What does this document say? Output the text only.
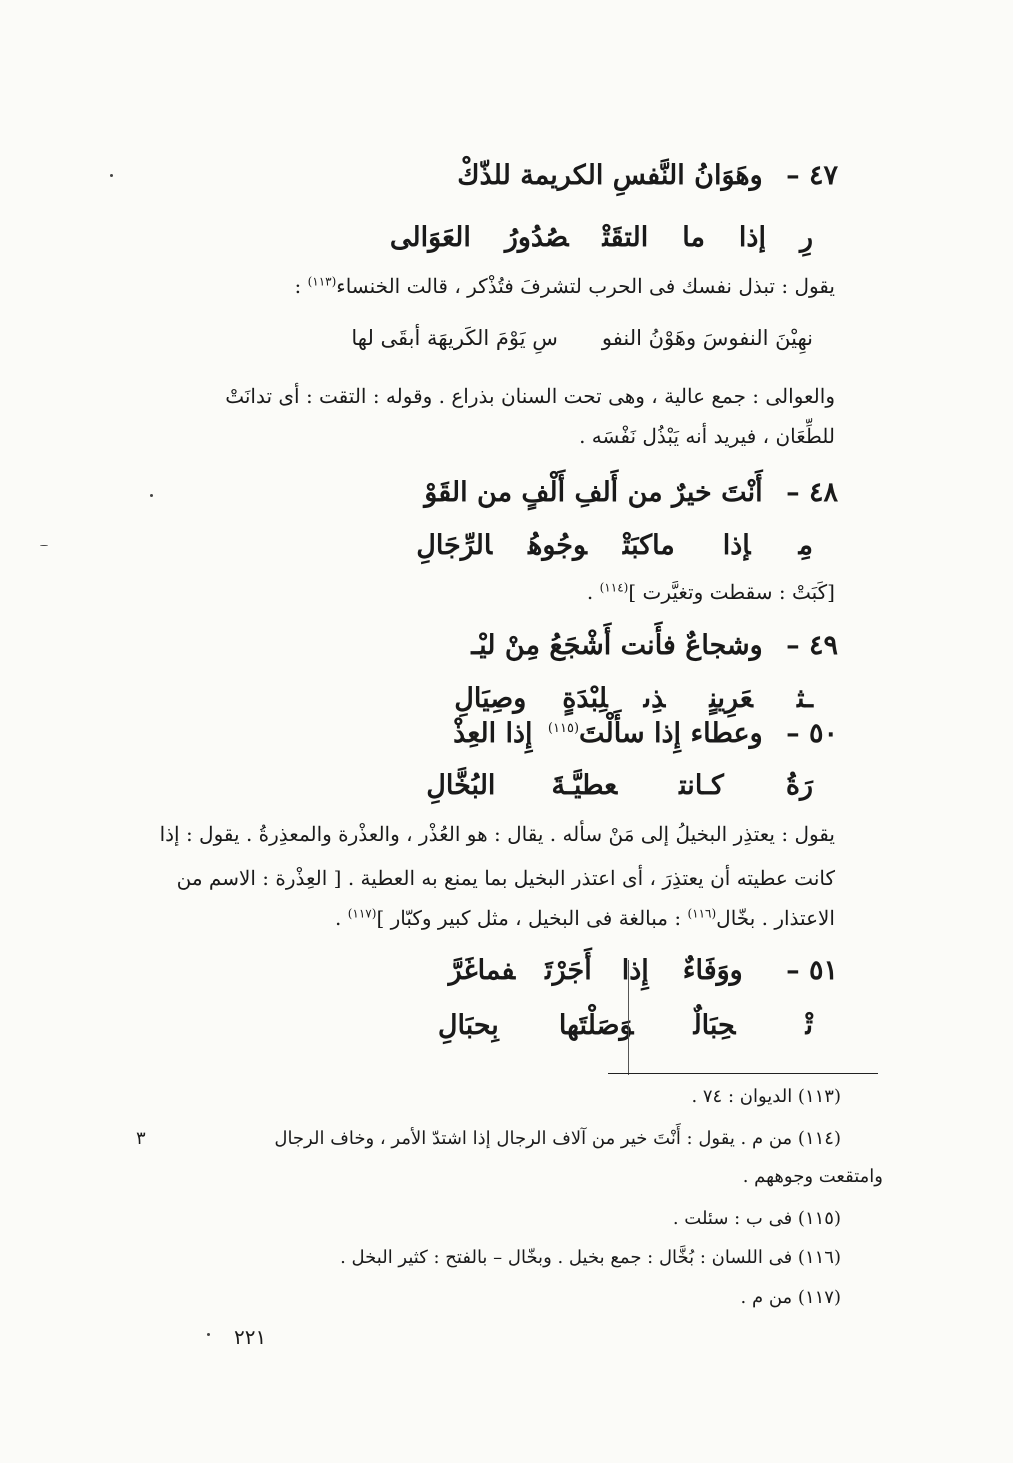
٤٧ – وهَوَانُ النَّفسِ الكريمة للذّكْ
رِإذاماالتقَتْصُدُورُالعَوَالى
يقول : تبذل نفسك فى الحرب لتشرفَ فتُذْكر ، قالت الخنساء$^{(١١٣)}$ :
نهِيْنَ النفوسَ وهَوْنُ النفوسِ يَوْمَ الكَريهَة أبقَى لها
والعوالى : جمع عالية ، وهى تحت السنان بذراع . وقوله : التقت : أى تدانَتْ
للطِّعَان ، فيريد أنه يَبْذُل نَفْسَه .
٤٨ – أَنْتَ خيرٌ من أَلفِ أَلْفٍ من القَوْ
مِإذاماكبَتْوجُوهُالرِّجَالِ
[كَبَتْ : سقطت وتغيَّرت ]$^{(١١٤)}$ .
٤٩ – وشجاعٌ فأَنت أَشْجَعُ مِنْ ليْـ
ـثعَرِينٍذِىلِبْدَةٍوصِيَالِ
٥٠ – وعطاء إِذا سأَلْتَ$^{(١١٥)}$ إِذا العِذْ
رَةُكـانتعطيَّـةَالبُخَّالِ
يقول : يعتذِر البخيلُ إلى مَنْ سأله . يقال : هو العُذْر ، والعذْرة والمعذِرةُ . يقول : إذا
كانت عطيته أن يعتذِرَ ، أى اعتذر البخيل بما يمنع به العطية . [ العِذْرة : الاسم من
الاعتذار . بخّال$^{(١١٦)}$ : مبالغة فى البخيل ، مثل كبير وكبّار ]$^{(١١٧)}$ .
٥١ – ووَفَاءٌإِذاأَجَرْتَفماغَرَّ
تْحِبَالٌوَصَلْتَهابِحبَالِ
(١١٣) الديوان : ٧٤ .
(١١٤) من م . يقول : أَنْتَ خير من آلاف الرجال إذا اشتدّ الأمر ، وخاف الرجال
٣
وامتقعت وجوههم .
(١١٥) فى ب : سئلت .
(١١٦) فى اللسان : بُخَّال : جمع بخيل . وبخّال – بالفتح : كثير البخل .
(١١٧) من م .
٢٢١
